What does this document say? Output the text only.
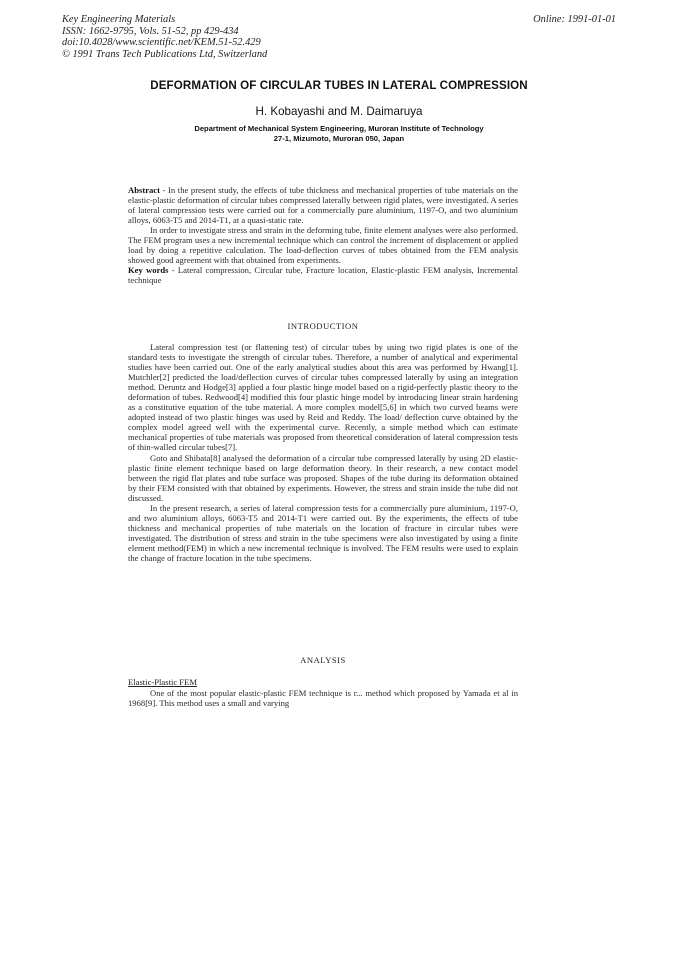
Key Engineering Materials
ISSN: 1662-9795, Vols. 51-52, pp 429-434
doi:10.4028/www.scientific.net/KEM.51-52.429
© 1991 Trans Tech Publications Ltd, Switzerland
Online: 1991-01-01
DEFORMATION OF CIRCULAR TUBES IN LATERAL COMPRESSION
H. Kobayashi and M. Daimaruya
Department of Mechanical System Engineering, Muroran Institute of Technology
27-1, Mizumoto, Muroran 050, Japan

Abstract - In the present study, the effects of tube thickness and mechanical properties of tube materials on the elastic-plastic deformation of circular tubes compressed laterally between rigid plates, were investigated. A series of lateral compression tests were carried out for a commercially pure aluminium, 1197-O, and two aluminium alloys, 6063-T5 and 2014-T1, at a quasi-static rate.

In order to investigate stress and strain in the deforming tube, finite element analyses were also performed. The FEM program uses a new incremental technique which can control the increment of displacement or applied load by doing a repetitive calculation. The load-deflection curves of tubes obtained from the FEM analysis showed good agreement with that obtained from experiments.

Key words - Lateral compression, Circular tube, Fracture location, Elastic-plastic FEM analysis, Incremental technique

INTRODUCTION

Lateral compression test (or flattening test) of circular tubes by using two rigid plates is one of the standard tests to investigate the strength of circular tubes. Therefore, a number of analytical and experimental studies have been carried out. One of the early analytical studies about this area was performed by Hwang[1]. Mutchler[2] predicted the load/deflection curves of circular tubes compressed laterally by using an integration method. Deruntz and Hodge[3] applied a four plastic hinge model based on a rigid-perfectly plastic theory to the deformation of tubes. Redwood[4] modified this four plastic hinge model by introducing linear strain hardening as a constitutive equation of the tube material. A more complex model[5,6] in which two curved beams were adopted instead of two plastic hinges was used by Reid and Reddy. The load/ deflection curve obtained by the complex model agreed well with the experimental curve. Recently, a simple method which can estimate mechanical properties of tube materials was proposed from theoretical consideration of lateral compression tests of thin-walled circular tubes[7].

Goto and Shibata[8] analysed the deformation of a circular tube compressed laterally by using 2D elastic-plastic finite element technique based on large deformation theory. In their research, a new contact model between the rigid flat plates and tube surface was proposed. Shapes of the tube during its deformation obtained by their FEM consisted with that obtained by experiments. However, the stress and strain inside the tube did not discussed.

In the present research, a series of lateral compression tests for a commercially pure aluminium, 1197-O, and two aluminium alloys, 6063-T5 and 2014-T1 were carried out. By the experiments, the effects of tube thickness and mechanical properties of tube materials on the location of fracture in circular tubes were investigated. The distribution of stress and strain in the tube specimens were also investigated by using a finite element method(FEM) in which a new incremental technique is involved. The FEM results were used to explain the change of fracture location in the tube specimens.

ANALYSIS
Elastic-Plastic FEM

One of the most popular elastic-plastic FEM technique is r... method which proposed by Yamada et al in 1968[9]. This method uses a small and varying
